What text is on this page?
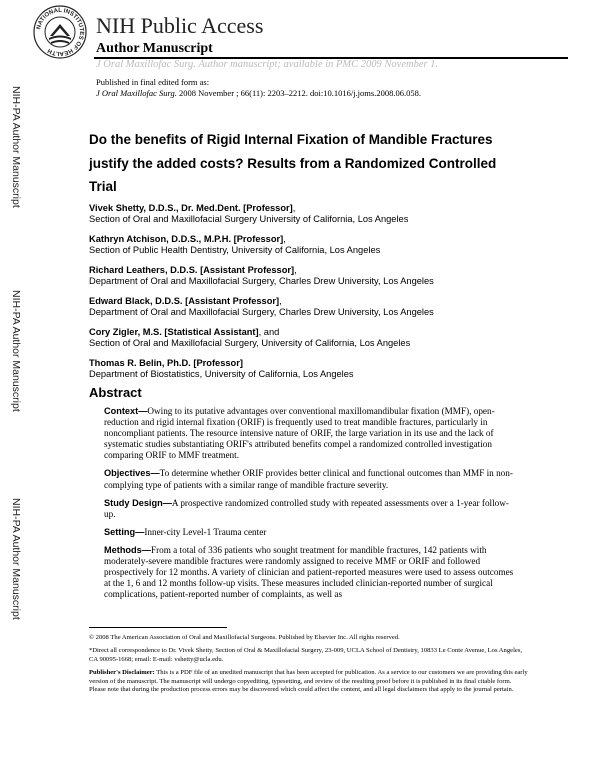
NATIONAL INSTITUTES OF HEALTH
NIH Public Access
Author Manuscript
J Oral Maxillofac Surg. Author manuscript; available in PMC 2009 November 1.
Published in final edited form as:
J Oral Maxillofac Surg. 2008 November ; 66(11): 2203–2212. doi:10.1016/j.joms.2008.06.058.
NIH-PA Author Manuscript
NIH-PA Author Manuscript
NIH-PA Author Manuscript
Do the benefits of Rigid Internal Fixation of Mandible Fractures justify the added costs? Results from a Randomized Controlled Trial
Vivek Shetty, D.D.S., Dr. Med.Dent. [Professor],
Section of Oral and Maxillofacial Surgery University of California, Los Angeles
Kathryn Atchison, D.D.S., M.P.H. [Professor],
Section of Public Health Dentistry, University of California, Los Angeles
Richard Leathers, D.D.S. [Assistant Professor],
Department of Oral and Maxillofacial Surgery, Charles Drew University, Los Angeles
Edward Black, D.D.S. [Assistant Professor],
Department of Oral and Maxillofacial Surgery, Charles Drew University, Los Angeles
Cory Zigler, M.S. [Statistical Assistant], and
Section of Oral and Maxillofacial Surgery, University of California, Los Angeles
Thomas R. Belin, Ph.D. [Professor]
Department of Biostatistics, University of California, Los Angeles
Abstract

Context—Owing to its putative advantages over conventional maxillomandibular fixation (MMF), open-reduction and rigid internal fixation (ORIF) is frequently used to treat mandible fractures, particularly in noncompliant patients. The resource intensive nature of ORIF, the large variation in its use and the lack of systematic studies substantiating ORIF's attributed benefits compel a randomized controlled investigation comparing ORIF to MMF treatment.

Objectives—To determine whether ORIF provides better clinical and functional outcomes than MMF in non-complying type of patients with a similar range of mandible fracture severity.

Study Design—A prospective randomized controlled study with repeated assessments over a 1-year follow-up.

Setting—Inner-city Level-1 Trauma center

Methods—From a total of 336 patients who sought treatment for mandible fractures, 142 patients with moderately-severe mandible fractures were randomly assigned to receive MMF or ORIF and followed prospectively for 12 months. A variety of clinician and patient-reported measures were used to assess outcomes at the 1, 6 and 12 months follow-up visits. These measures included clinician-reported number of surgical complications, patient-reported number of complaints, as well as

© 2008 The American Association of Oral and Maxillofacial Surgeons. Published by Elsevier Inc. All rights reserved.

*Direct all correspondence to Dr. Vivek Shetty, Section of Oral & Maxillofacial Surgery, 23-009, UCLA School of Dentistry, 10833 Le Conte Avenue, Los Angeles, CA 90095-1668; email: E-mail: vshetty@ucla.edu.

Publisher's Disclaimer: This is a PDF file of an unedited manuscript that has been accepted for publication. As a service to our customers we are providing this early version of the manuscript. The manuscript will undergo copyediting, typesetting, and review of the resulting proof before it is published in its final citable form. Please note that during the production process errors may be discovered which could affect the content, and all legal disclaimers that apply to the journal pertain.
